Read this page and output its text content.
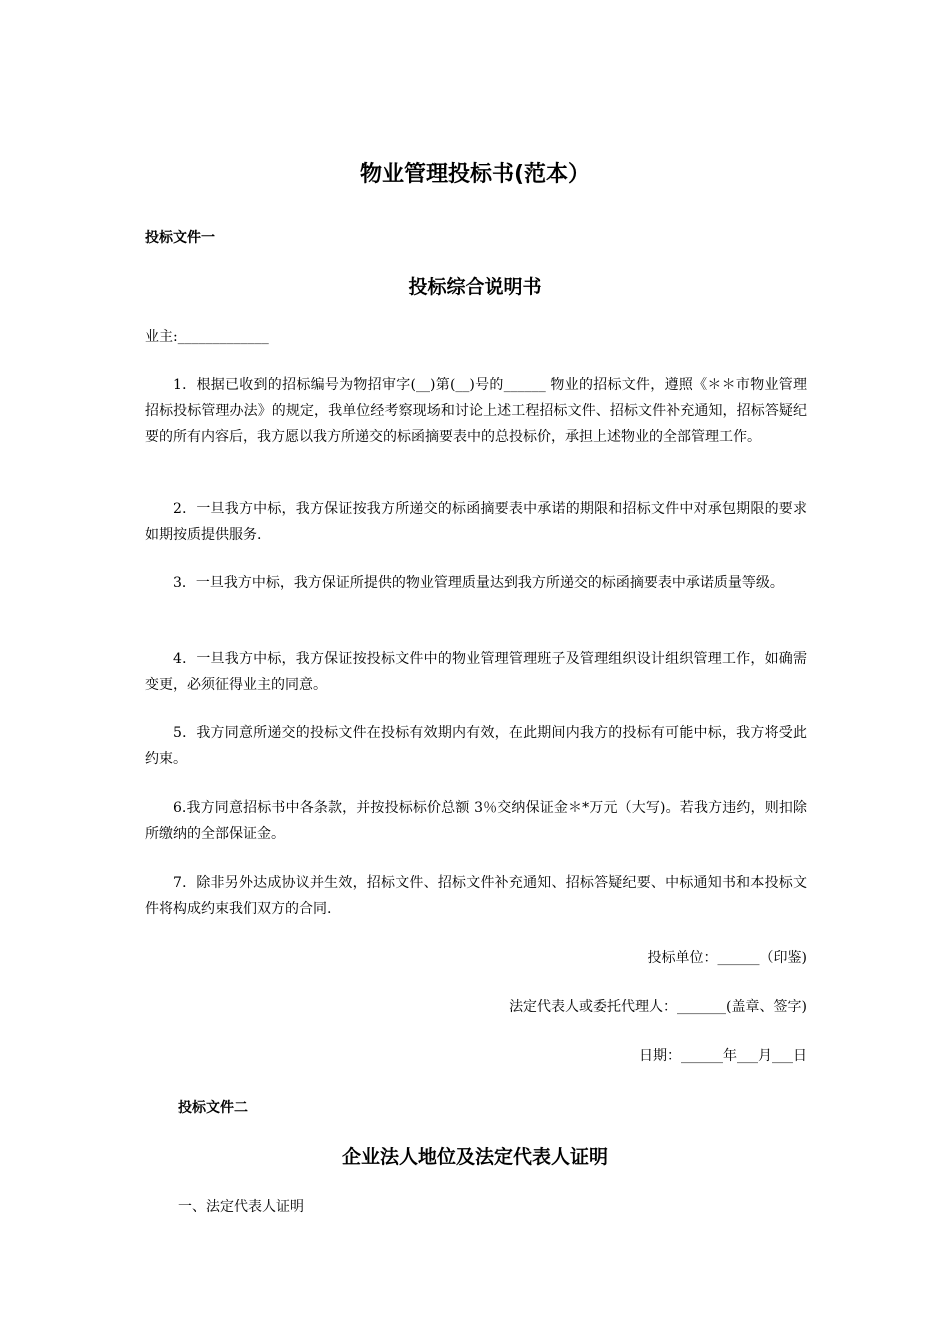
物业管理投标书(范本）
投标文件一
投标综合说明书
业主:_____________
1．根据已收到的招标编号为物招审字(__)第(__)号的______ 物业的招标文件，遵照《＊＊市物业管理招标投标管理办法》的规定，我单位经考察现场和讨论上述工程招标文件、招标文件补充通知，招标答疑纪要的所有内容后，我方愿以我方所递交的标函摘要表中的总投标价，承担上述物业的全部管理工作。
2．一旦我方中标，我方保证按我方所递交的标函摘要表中承诺的期限和招标文件中对承包期限的要求如期按质提供服务.
3．一旦我方中标，我方保证所提供的物业管理质量达到我方所递交的标函摘要表中承诺质量等级。
4．一旦我方中标，我方保证按投标文件中的物业管理管理班子及管理组织设计组织管理工作，如确需变更，必须征得业主的同意。
5．我方同意所递交的投标文件在投标有效期内有效，在此期间内我方的投标有可能中标，我方将受此约束。
6.我方同意招标书中各条款，并按投标标价总额 3％交纳保证金＊*万元（大写)。若我方违约，则扣除所缴纳的全部保证金。
7．除非另外达成协议并生效，招标文件、招标文件补充通知、招标答疑纪要、中标通知书和本投标文件将构成约束我们双方的合同.
投标单位：______（印鉴)
法定代表人或委托代理人：_______(盖章、签字)
日期：______年___月___日
投标文件二
企业法人地位及法定代表人证明
一、法定代表人证明
